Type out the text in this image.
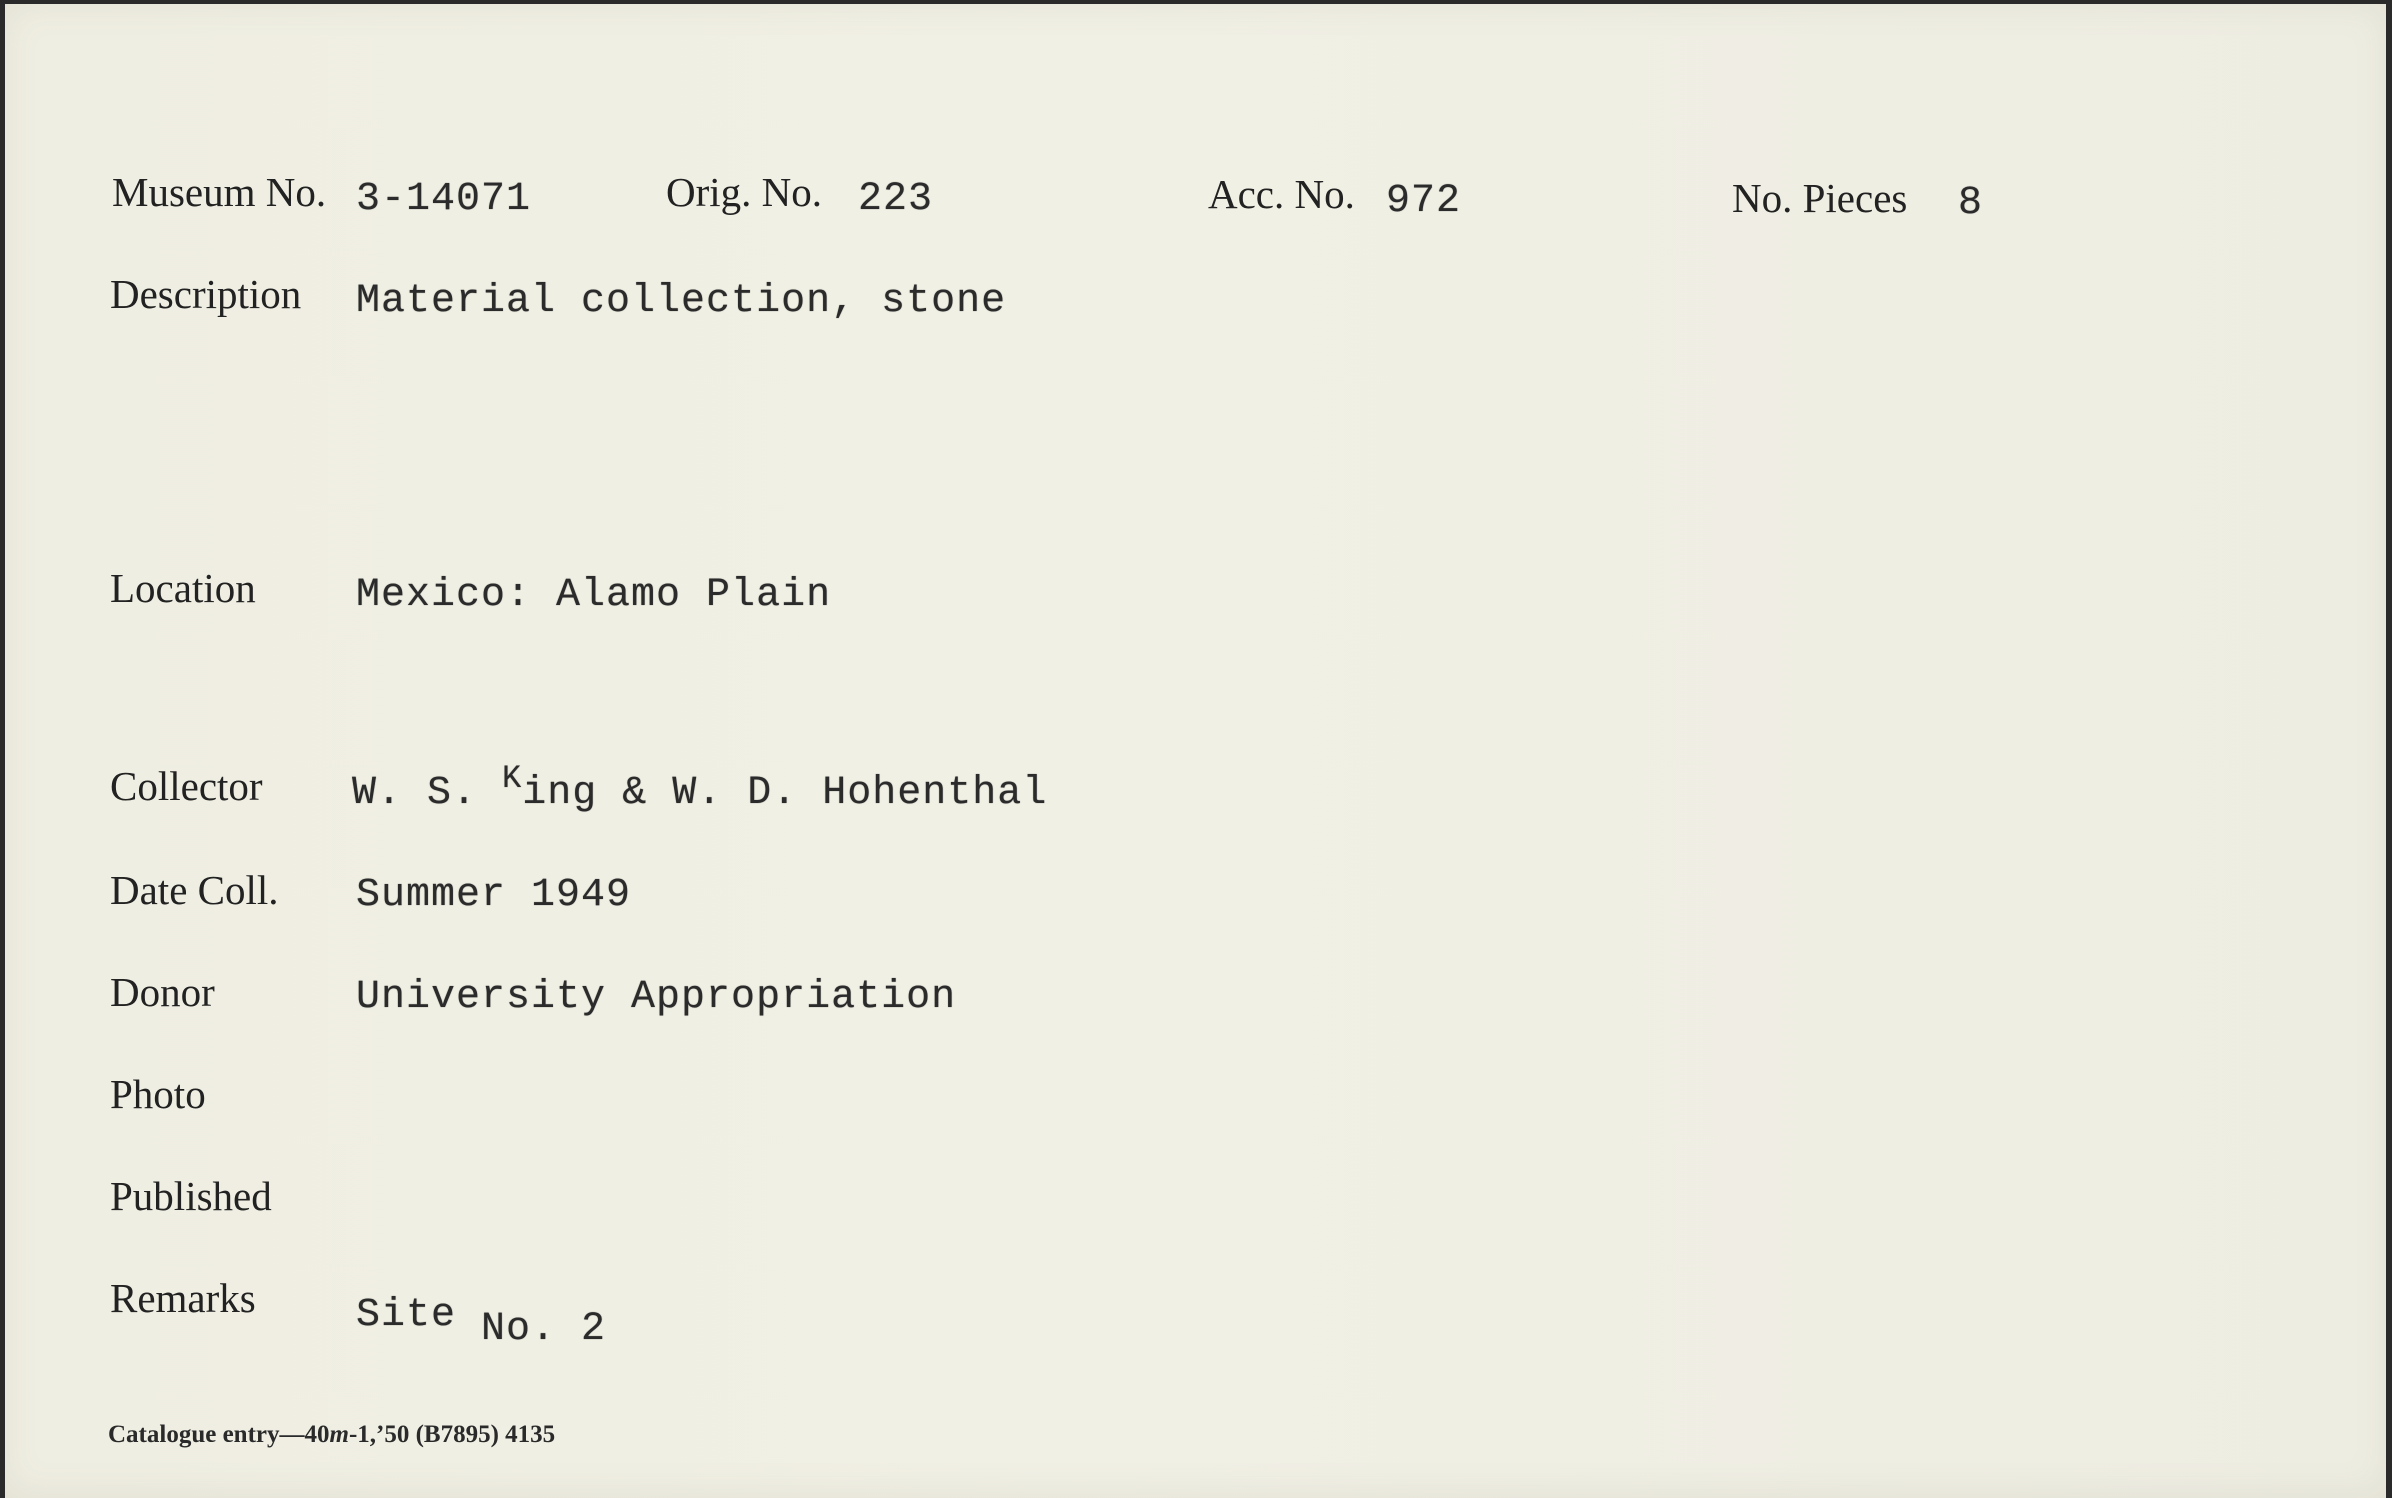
Museum No. 3-14071	Orig. No. 223	Acc. No. 972	No. Pieces 8
Description Material collection, stone
Location	Mexico: Alamo Plain
Collector W. S. $^K$ing & W. D. Hohenthal
Date Coll. Summer 1949
Donor	University Appropriation
Photo
Published
Remarks	Site No. 2
Catalogue entry—40m-1,’50 (B7895) 4135
